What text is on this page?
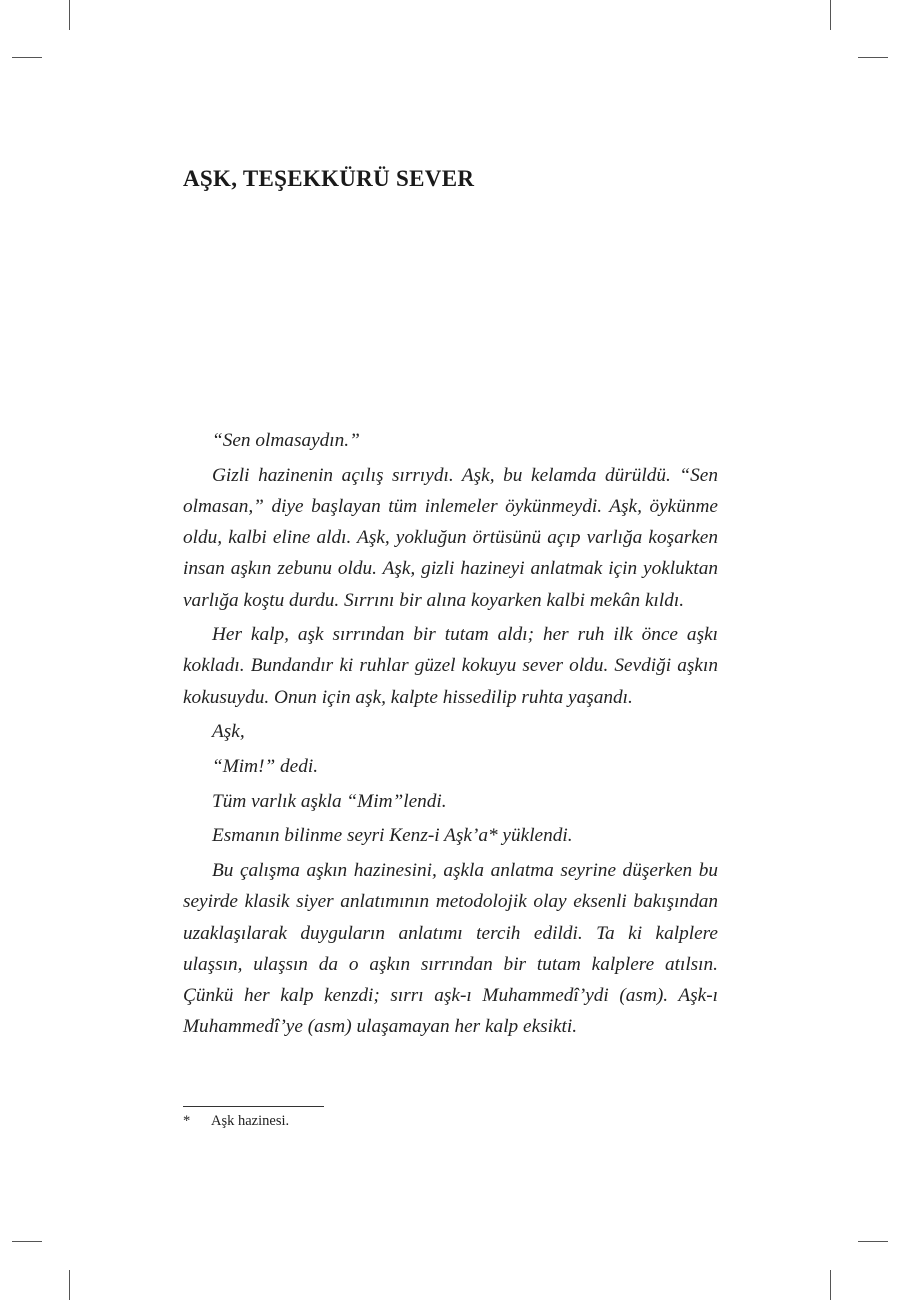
AŞK, TEŞEKKÜRÜ SEVER

“Sen olmasaydın.”

Gizli hazinenin açılış sırrıydı. Aşk, bu kelamda dürüldü. “Sen olmasan,” diye başlayan tüm inlemeler öykünmeydi. Aşk, öykünme oldu, kalbi eline aldı. Aşk, yokluğun örtüsünü açıp varlığa koşarken insan aşkın zebunu oldu. Aşk, gizli hazineyi anlatmak için yokluktan varlığa koştu durdu. Sırrını bir alına koyarken kalbi mekân kıldı.

Her kalp, aşk sırrından bir tutam aldı; her ruh ilk önce aşkı kokladı. Bundandır ki ruhlar güzel kokuyu sever oldu. Sevdiği aşkın kokusuydu. Onun için aşk, kalpte hissedilip ruhta yaşandı.

Aşk,

“Mim!” dedi.

Tüm varlık aşkla “Mim”lendi.

Esmanın bilinme seyri Kenz-i Aşk’a* yüklendi.

Bu çalışma aşkın hazinesini, aşkla anlatma seyrine düşerken bu seyirde klasik siyer anlatımının metodolojik olay eksenli bakışından uzaklaşılarak duyguların anlatımı tercih edildi. Ta ki kalplere ulaşsın, ulaşsın da o aşkın sırrından bir tutam kalplere atılsın. Çünkü her kalp kenzdi; sırrı aşk-ı Muhammedî’ydi (asm). Aşk-ı Muhammedî’ye (asm) ulaşamayan her kalp eksikti.

*	Aşk hazinesi.
